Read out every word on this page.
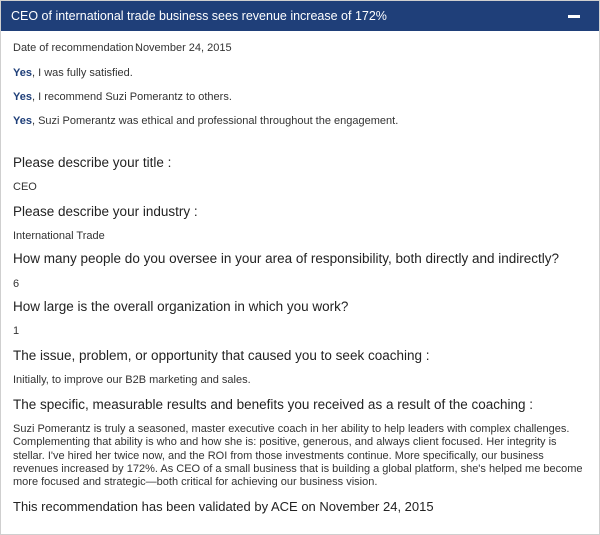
CEO of international trade business sees revenue increase of 172%
Date of recommendation :November 24, 2015
Yes, I was fully satisfied.
Yes, I recommend Suzi Pomerantz to others.
Yes, Suzi Pomerantz was ethical and professional throughout the engagement.
Please describe your title :
CEO
Please describe your industry :
International Trade
How many people do you oversee in your area of responsibility, both directly and indirectly?
6
How large is the overall organization in which you work?
1
The issue, problem, or opportunity that caused you to seek coaching :
Initially, to improve our B2B marketing and sales.
The specific, measurable results and benefits you received as a result of the coaching :
Suzi Pomerantz is truly a seasoned, master executive coach in her ability to help leaders with complex challenges. Complementing that ability is who and how she is: positive, generous, and always client focused. Her integrity is stellar. I've hired her twice now, and the ROI from those investments continue. More specifically, our business revenues increased by 172%. As CEO of a small business that is building a global platform, she's helped me become more focused and strategic—both critical for achieving our business vision.
This recommendation has been validated by ACE on November 24, 2015
